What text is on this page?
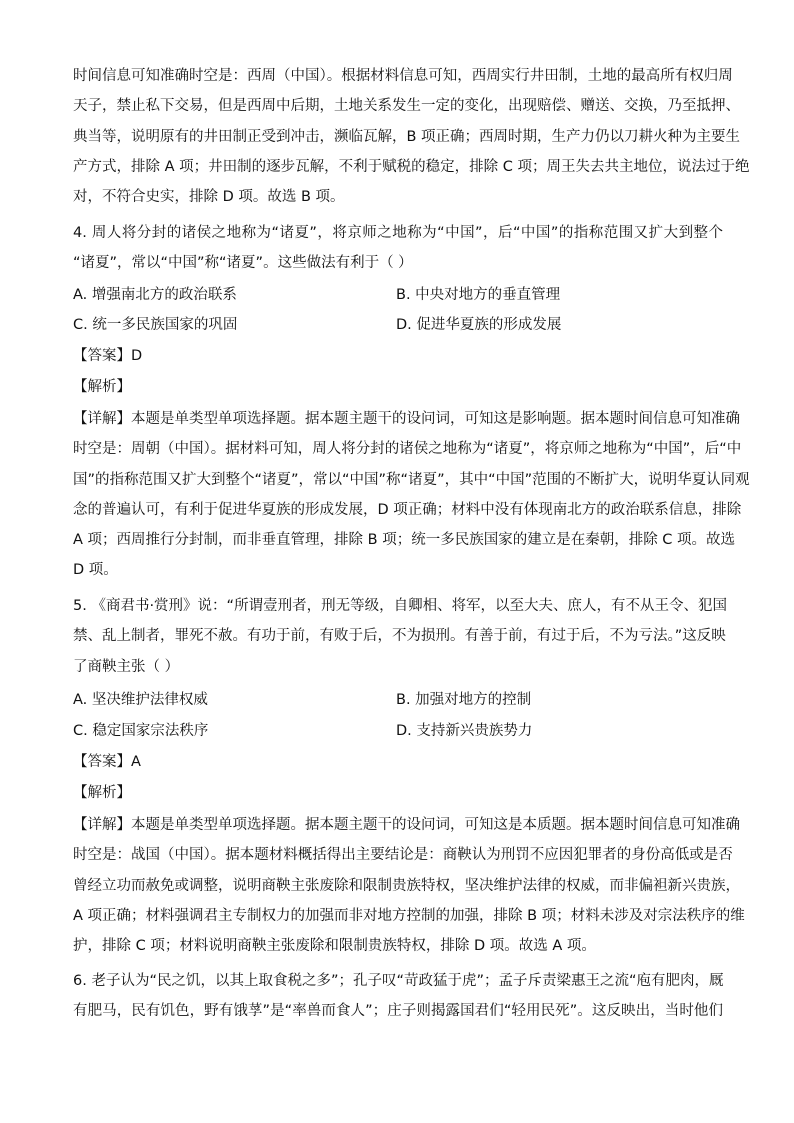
时间信息可知准确时空是：西周（中国）。根据材料信息可知，西周实行井田制，土地的最高所有权归周
天子，禁止私下交易，但是西周中后期，土地关系发生一定的变化，出现赔偿、赠送、交换，乃至抵押、
典当等，说明原有的井田制正受到冲击，濒临瓦解，B 项正确；西周时期，生产力仍以刀耕火种为主要生
产方式，排除 A 项；井田制的逐步瓦解，不利于赋税的稳定，排除 C 项；周王失去共主地位，说法过于绝
对，不符合史实，排除 D 项。故选 B 项。
4. 周人将分封的诸侯之地称为“诸夏”，将京师之地称为“中国”，后“中国”的指称范围又扩大到整个
“诸夏”，常以“中国”称“诸夏”。这些做法有利于（ ）
A. 增强南北方的政治联系	B. 中央对地方的垂直管理
C. 统一多民族国家的巩固	D. 促进华夏族的形成发展
【答案】D
【解析】
【详解】本题是单类型单项选择题。据本题主题干的设问词，可知这是影响题。据本题时间信息可知准确
时空是：周朝（中国）。据材料可知，周人将分封的诸侯之地称为“诸夏”，将京师之地称为“中国”，后“中
国”的指称范围又扩大到整个“诸夏”，常以“中国”称“诸夏”，其中“中国”范围的不断扩大，说明华夏认同观
念的普遍认可，有利于促进华夏族的形成发展，D 项正确；材料中没有体现南北方的政治联系信息，排除
A 项；西周推行分封制，而非垂直管理，排除 B 项；统一多民族国家的建立是在秦朝，排除 C 项。故选
D 项。
5. 《商君书·赏刑》说：“所谓壹刑者，刑无等级，自卿相、将军，以至大夫、庶人，有不从王令、犯国
禁、乱上制者，罪死不赦。有功于前，有败于后，不为损刑。有善于前，有过于后，不为亏法。”这反映
了商鞅主张（ ）
A. 坚决维护法律权威	B. 加强对地方的控制
C. 稳定国家宗法秩序	D. 支持新兴贵族势力
【答案】A
【解析】
【详解】本题是单类型单项选择题。据本题主题干的设问词，可知这是本质题。据本题时间信息可知准确
时空是：战国（中国）。据本题材料概括得出主要结论是：商鞅认为刑罚不应因犯罪者的身份高低或是否
曾经立功而赦免或调整，说明商鞅主张废除和限制贵族特权，坚决维护法律的权威，而非偏袒新兴贵族，
A 项正确；材料强调君主专制权力的加强而非对地方控制的加强，排除 B 项；材料未涉及对宗法秩序的维
护，排除 C 项；材料说明商鞅主张废除和限制贵族特权，排除 D 项。故选 A 项。
6. 老子认为“民之饥，以其上取食税之多”；孔子叹“苛政猛于虎”；孟子斥责梁惠王之流“庖有肥肉，厩
有肥马，民有饥色，野有饿莩”是“率兽而食人”；庄子则揭露国君们“轻用民死”。这反映出，当时他们
